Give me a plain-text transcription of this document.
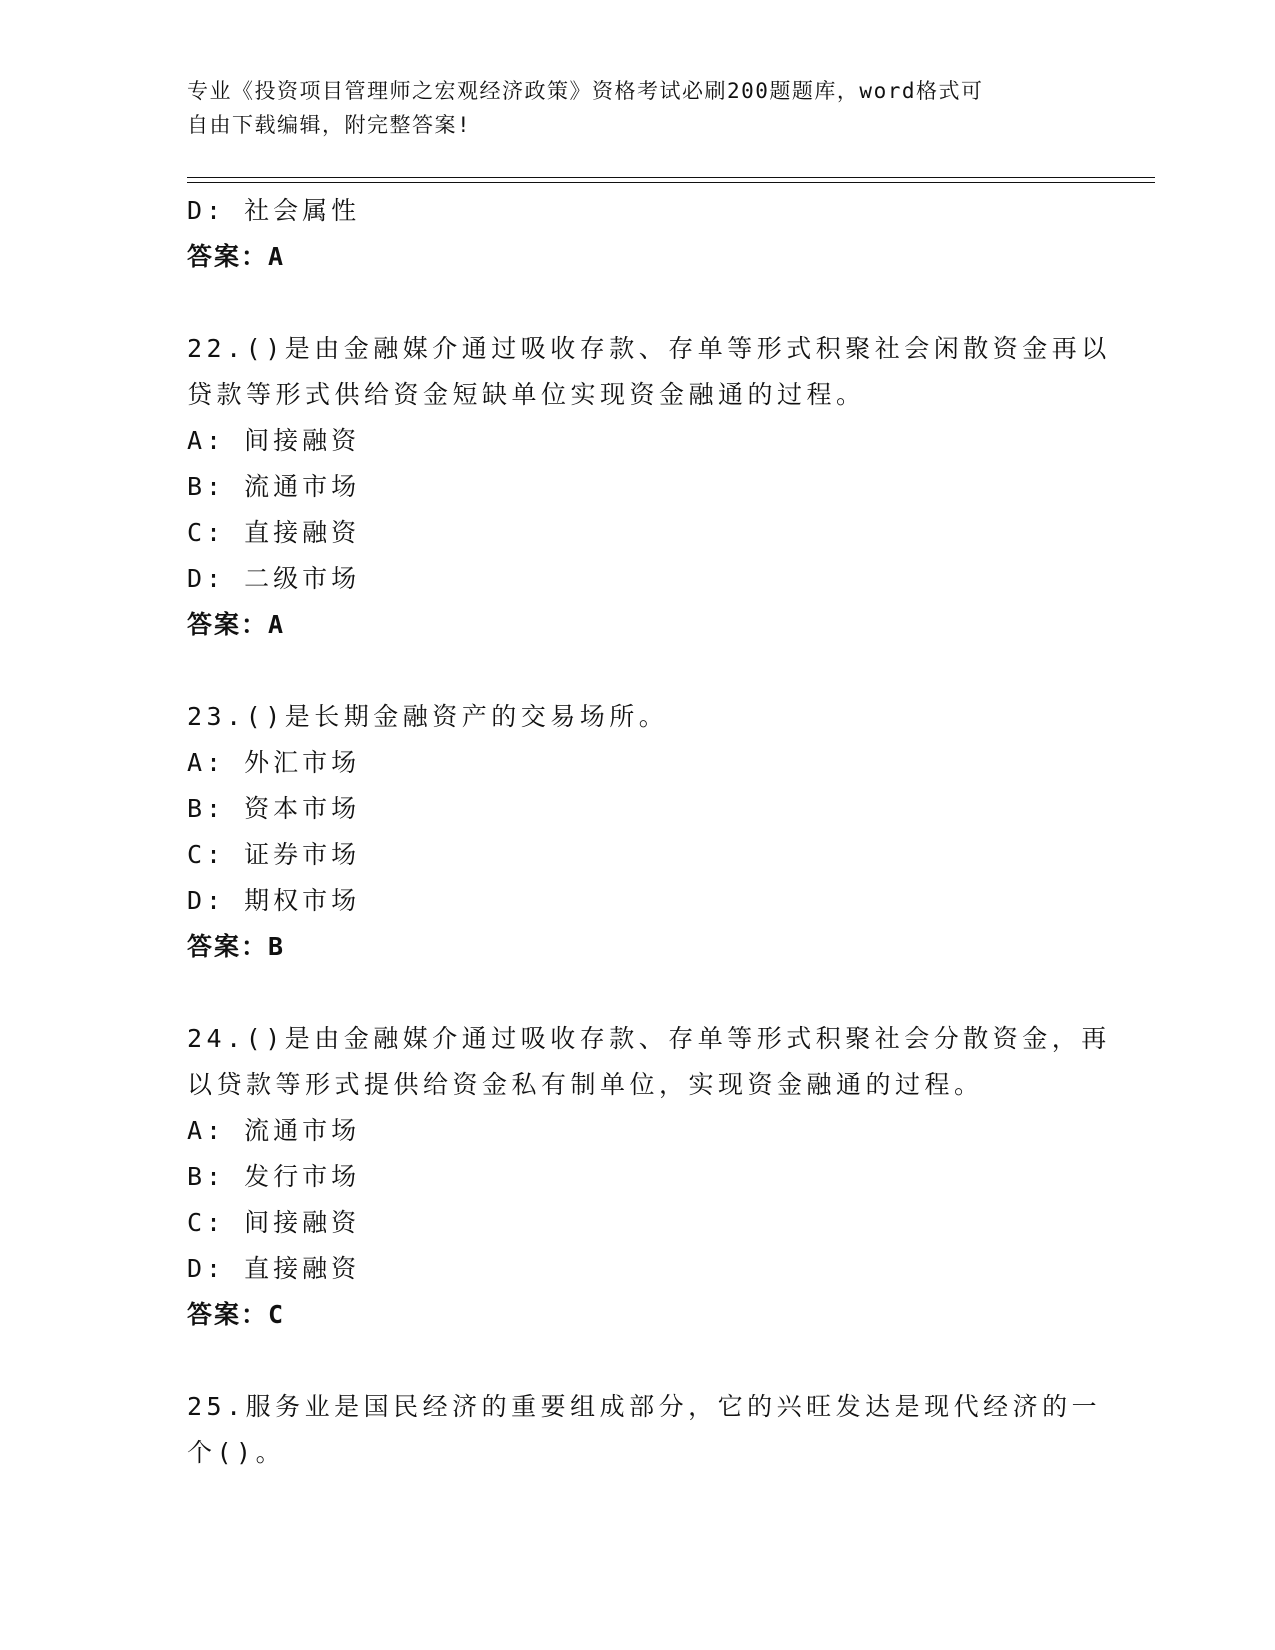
专业《投资项目管理师之宏观经济政策》资格考试必刷200题题库，word格式可
自由下载编辑，附完整答案!
D: 社会属性
答案：A
22.()是由金融媒介通过吸收存款、存单等形式积聚社会闲散资金再以
贷款等形式供给资金短缺单位实现资金融通的过程。
A: 间接融资
B: 流通市场
C: 直接融资
D: 二级市场
答案：A
23.()是长期金融资产的交易场所。
A: 外汇市场
B: 资本市场
C: 证券市场
D: 期权市场
答案：B
24.()是由金融媒介通过吸收存款、存单等形式积聚社会分散资金，再
以贷款等形式提供给资金私有制单位，实现资金融通的过程。
A: 流通市场
B: 发行市场
C: 间接融资
D: 直接融资
答案：C
25.服务业是国民经济的重要组成部分，它的兴旺发达是现代经济的一
个()。
